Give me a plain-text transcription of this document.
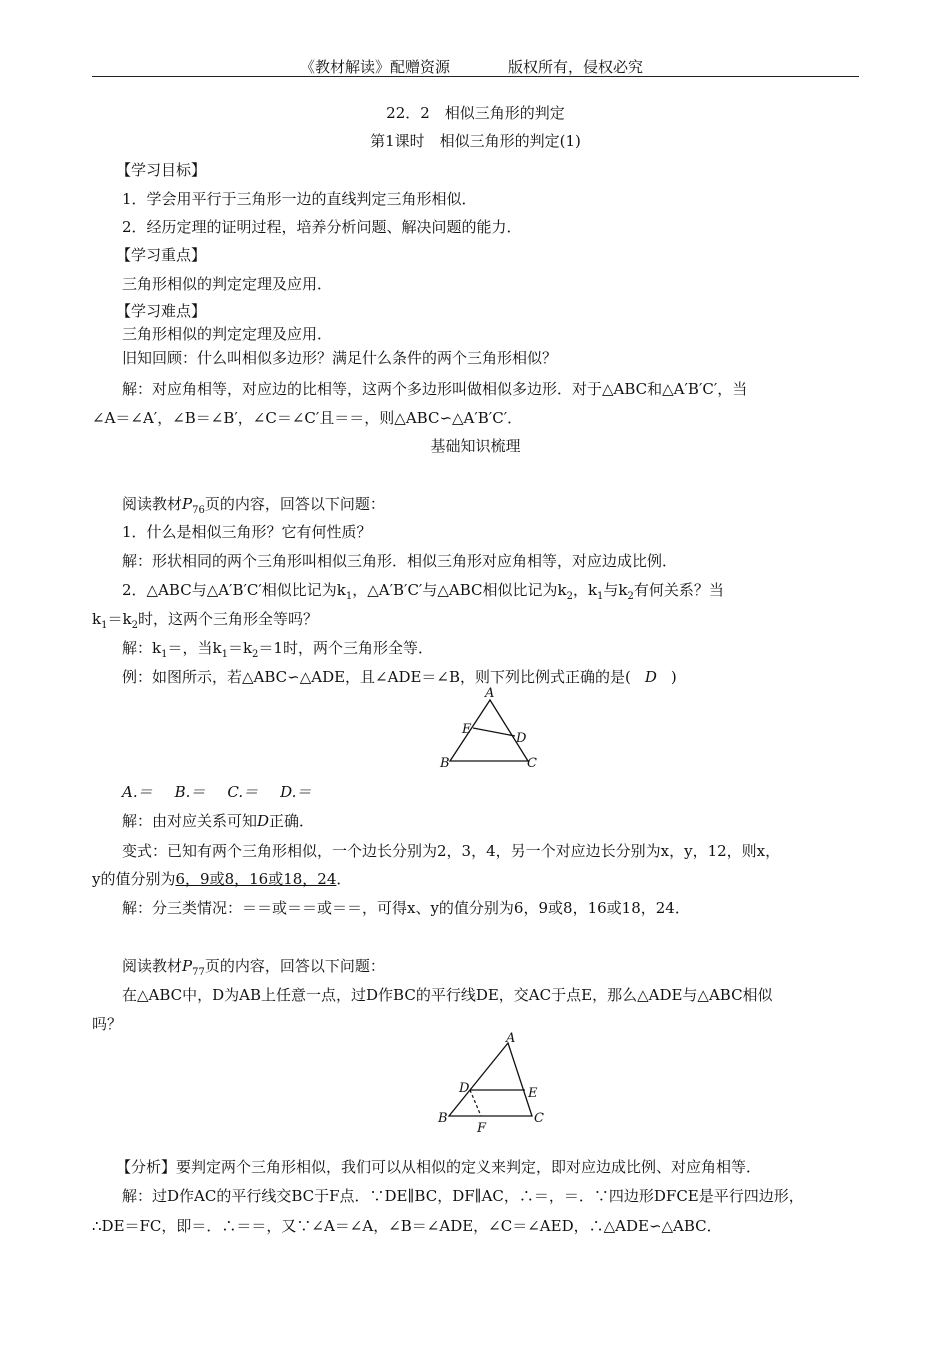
《教材解读》配赠资源	版权所有，侵权必究
22．2　相似三角形的判定
第1课时　相似三角形的判定(1)
【学习目标】
1．学会用平行于三角形一边的直线判定三角形相似．
2．经历定理的证明过程，培养分析问题、解决问题的能力．
【学习重点】
三角形相似的判定定理及应用．
【学习难点】
三角形相似的判定定理及应用．
旧知回顾：什么叫相似多边形？满足什么条件的两个三角形相似？
解：对应角相等，对应边的比相等，这两个多边形叫做相似多边形．对于△ABC和△A′B′C′，当
∠A＝∠A′，∠B＝∠B′，∠C＝∠C′且＝＝，则△ABC∽△A′B′C′．
基础知识梳理
阅读教材$P_{76}$页的内容，回答以下问题：
1．什么是相似三角形？它有何性质？
解：形状相同的两个三角形叫相似三角形．相似三角形对应角相等，对应边成比例．
2．△ABC与△A′B′C′相似比记为$k_1$，△A′B′C′与△ABC相似比记为$k_2$，$k_1$与$k_2$有何关系？当
$k_1=k_2$时，这两个三角形全等吗？
解：$k_1=$，当$k_1=k_2=1$时，两个三角形全等．
例：如图所示，若△ABC∽△ADE，且∠ADE＝∠B，则下列比例式正确的是( D )
A
B	C
D
E
A.＝ B.＝ C.＝ D.＝
解：由对应关系可知D正确．
变式：已知有两个三角形相似，一个边长分别为2，3，4，另一个对应边长分别为x，y，12，则x，
y的值分别为6，9或8，16或18，24．
解：分三类情况：＝＝或＝＝或＝＝，可得x、y的值分别为6，9或8，16或18，24．
阅读教材$P_{77}$页的内容，回答以下问题：
在△ABC中，D为AB上任意一点，过D作BC的平行线DE，交AC于点E，那么△ADE与△ABC相似
吗？
A
B	C
D	E
F
【分析】要判定两个三角形相似，我们可以从相似的定义来判定，即对应边成比例、对应角相等．
解：过D作AC的平行线交BC于F点．∵DE∥BC，DF∥AC，∴＝，＝．∵四边形DFCE是平行四边形，
∴DE＝FC，即＝．∴＝＝，又∵∠A＝∠A，∠B＝∠ADE，∠C＝∠AED，∴△ADE∽△ABC．
